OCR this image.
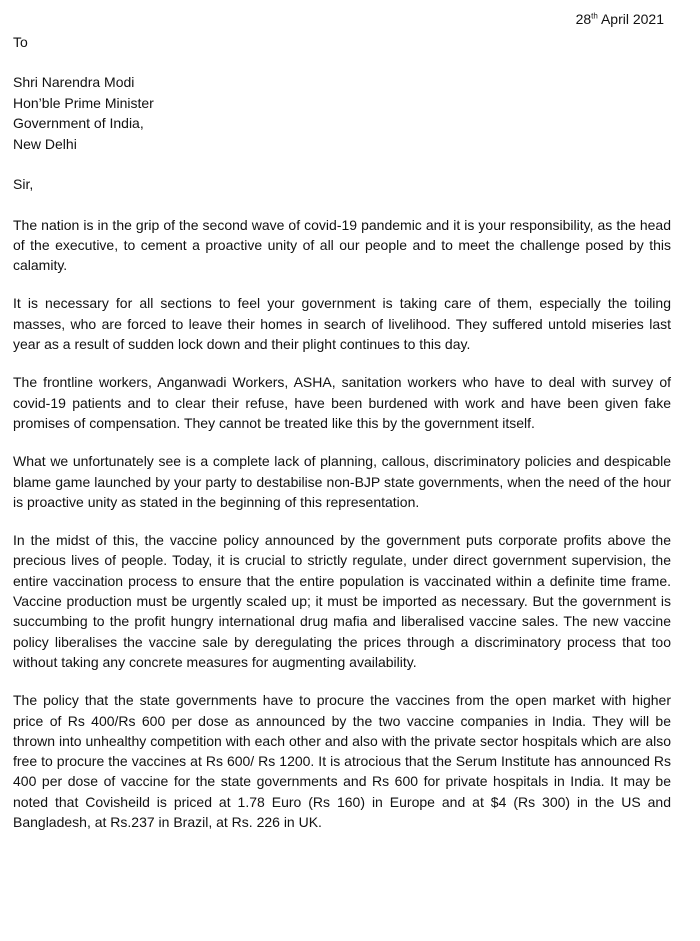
28th April 2021
To
Shri Narendra Modi
Hon’ble Prime Minister
Government of India,
New Delhi
Sir,

The nation is in the grip of the second wave of covid-19 pandemic and it is your responsibility, as the head of the executive, to cement a proactive unity of all our people and to meet the challenge posed by this calamity.

It is necessary for all sections to feel your government is taking care of them, especially the toiling masses, who are forced to leave their homes in search of livelihood. They suffered untold miseries last year as a result of sudden lock down and their plight continues to this day.

The frontline workers, Anganwadi Workers, ASHA, sanitation workers who have to deal with survey of covid-19 patients and to clear their refuse, have been burdened with work and have been given fake promises of compensation. They cannot be treated like this by the government itself.

What we unfortunately see is a complete lack of planning, callous, discriminatory policies and despicable blame game launched by your party to destabilise non-BJP state governments, when the need of the hour is proactive unity as stated in the beginning of this representation.

In the midst of this, the vaccine policy announced by the government puts corporate profits above the precious lives of people. Today, it is crucial to strictly regulate, under direct government supervision, the entire vaccination process to ensure that the entire population is vaccinated within a definite time frame. Vaccine production must be urgently scaled up; it must be imported as necessary. But the government is succumbing to the profit hungry international drug mafia and liberalised vaccine sales. The new vaccine policy liberalises the vaccine sale by deregulating the prices through a discriminatory process that too without taking any concrete measures for augmenting availability.

The policy that the state governments have to procure the vaccines from the open market with higher price of Rs 400/Rs 600 per dose as announced by the two vaccine companies in India. They will be thrown into unhealthy competition with each other and also with the private sector hospitals which are also free to procure the vaccines at Rs 600/ Rs 1200. It is atrocious that the Serum Institute has announced Rs 400 per dose of vaccine for the state governments and Rs 600 for private hospitals in India. It may be noted that Covisheild is priced at 1.78 Euro (Rs 160) in Europe and at $4 (Rs 300) in the US and Bangladesh, at Rs.237 in Brazil, at Rs. 226 in UK.
